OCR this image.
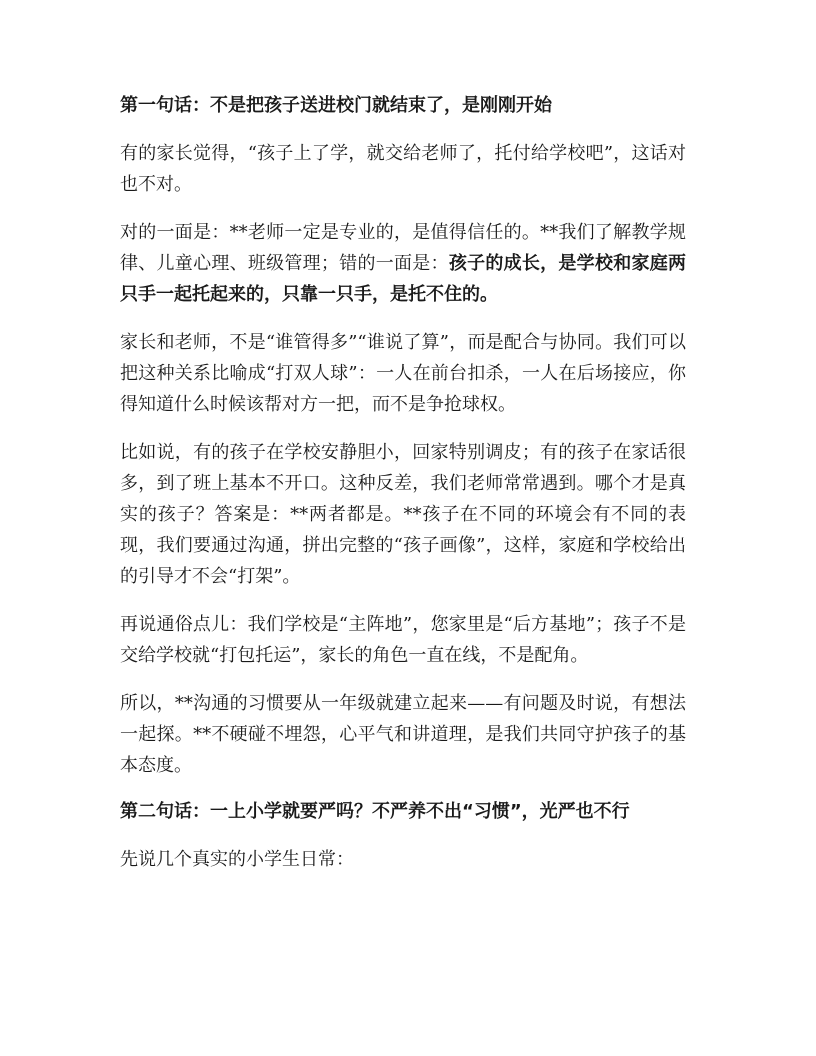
第一句话：不是把孩子送进校门就结束了，是刚刚开始

有的家长觉得，“孩子上了学，就交给老师了，托付给学校吧”，这话对也不对。

对的一面是：**老师一定是专业的，是值得信任的。**我们了解教学规律、儿童心理、班级管理；错的一面是：孩子的成长，是学校和家庭两只手一起托起来的，只靠一只手，是托不住的。

家长和老师，不是“谁管得多”“谁说了算”，而是配合与协同。我们可以把这种关系比喻成“打双人球”：一人在前台扣杀，一人在后场接应，你得知道什么时候该帮对方一把，而不是争抢球权。

比如说，有的孩子在学校安静胆小，回家特别调皮；有的孩子在家话很多，到了班上基本不开口。这种反差，我们老师常常遇到。哪个才是真实的孩子？答案是：**两者都是。**孩子在不同的环境会有不同的表现，我们要通过沟通，拼出完整的“孩子画像”，这样，家庭和学校给出的引导才不会“打架”。

再说通俗点儿：我们学校是“主阵地”，您家里是“后方基地”；孩子不是交给学校就“打包托运”，家长的角色一直在线，不是配角。

所以，**沟通的习惯要从一年级就建立起来——有问题及时说，有想法一起探。**不硬碰不埋怨，心平气和讲道理，是我们共同守护孩子的基本态度。

第二句话：一上小学就要严吗？不严养不出“习惯”，光严也不行

先说几个真实的小学生日常：
